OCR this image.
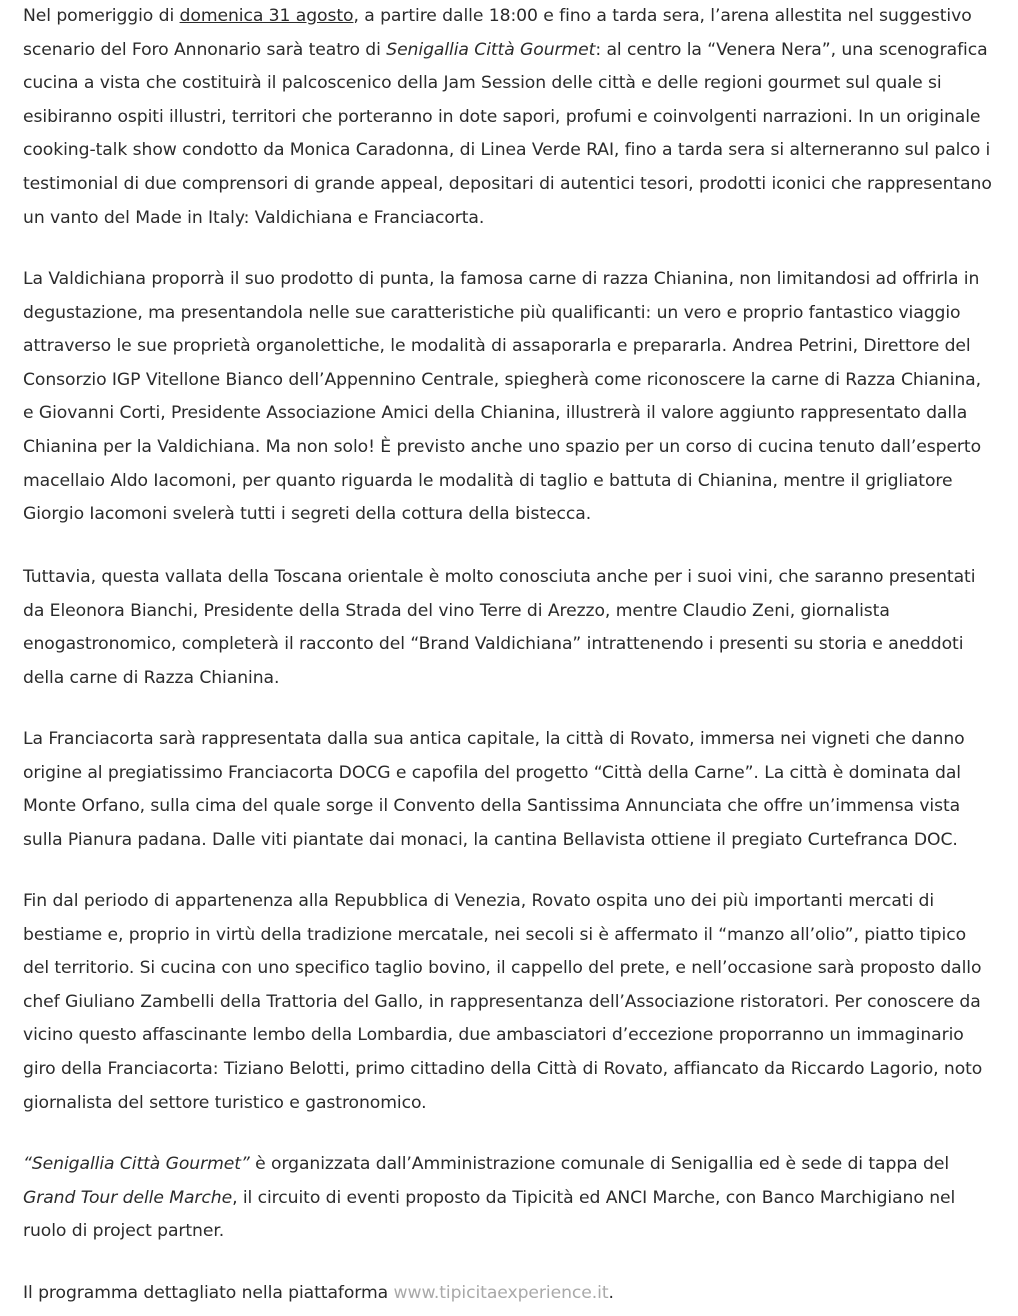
Nel pomeriggio di domenica 31 agosto, a partire dalle 18:00 e fino a tarda sera, l’arena allestita nel suggestivo scenario del Foro Annonario sarà teatro di Senigallia Città Gourmet: al centro la “Venera Nera”, una scenografica cucina a vista che costituirà il palcoscenico della Jam Session delle città e delle regioni gourmet sul quale si esibiranno ospiti illustri, territori che porteranno in dote sapori, profumi e coinvolgenti narrazioni. In un originale cooking-talk show condotto da Monica Caradonna, di Linea Verde RAI, fino a tarda sera si alterneranno sul palco i testimonial di due comprensori di grande appeal, depositari di autentici tesori, prodotti iconici che rappresentano un vanto del Made in Italy: Valdichiana e Franciacorta.

La Valdichiana proporrà il suo prodotto di punta, la famosa carne di razza Chianina, non limitandosi ad offrirla in degustazione, ma presentandola nelle sue caratteristiche più qualificanti: un vero e proprio fantastico viaggio attraverso le sue proprietà organolettiche, le modalità di assaporarla e prepararla. Andrea Petrini, Direttore del Consorzio IGP Vitellone Bianco dell’Appennino Centrale, spiegherà come riconoscere la carne di Razza Chianina, e Giovanni Corti, Presidente Associazione Amici della Chianina, illustrerà il valore aggiunto rappresentato dalla Chianina per la Valdichiana. Ma non solo! È previsto anche uno spazio per un corso di cucina tenuto dall’esperto macellaio Aldo Iacomoni, per quanto riguarda le modalità di taglio e battuta di Chianina, mentre il grigliatore Giorgio Iacomoni svelerà tutti i segreti della cottura della bistecca.

Tuttavia, questa vallata della Toscana orientale è molto conosciuta anche per i suoi vini, che saranno presentati da Eleonora Bianchi, Presidente della Strada del vino Terre di Arezzo, mentre Claudio Zeni, giornalista enogastronomico, completerà il racconto del “Brand Valdichiana” intrattenendo i presenti su storia e aneddoti della carne di Razza Chianina.

La Franciacorta sarà rappresentata dalla sua antica capitale, la città di Rovato, immersa nei vigneti che danno origine al pregiatissimo Franciacorta DOCG e capofila del progetto “Città della Carne”. La città è dominata dal Monte Orfano, sulla cima del quale sorge il Convento della Santissima Annunciata che offre un’immensa vista sulla Pianura padana. Dalle viti piantate dai monaci, la cantina Bellavista ottiene il pregiato Curtefranca DOC.

Fin dal periodo di appartenenza alla Repubblica di Venezia, Rovato ospita uno dei più importanti mercati di bestiame e, proprio in virtù della tradizione mercatale, nei secoli si è affermato il “manzo all’olio”, piatto tipico del territorio. Si cucina con uno specifico taglio bovino, il cappello del prete, e nell’occasione sarà proposto dallo chef Giuliano Zambelli della Trattoria del Gallo, in rappresentanza dell’Associazione ristoratori. Per conoscere da vicino questo affascinante lembo della Lombardia, due ambasciatori d’eccezione proporranno un immaginario giro della Franciacorta: Tiziano Belotti, primo cittadino della Città di Rovato, affiancato da Riccardo Lagorio, noto giornalista del settore turistico e gastronomico.

“Senigallia Città Gourmet” è organizzata dall’Amministrazione comunale di Senigallia ed è sede di tappa del Grand Tour delle Marche, il circuito di eventi proposto da Tipicità ed ANCI Marche, con Banco Marchigiano nel ruolo di project partner.

Il programma dettagliato nella piattaforma www.tipicitaexperience.it.
